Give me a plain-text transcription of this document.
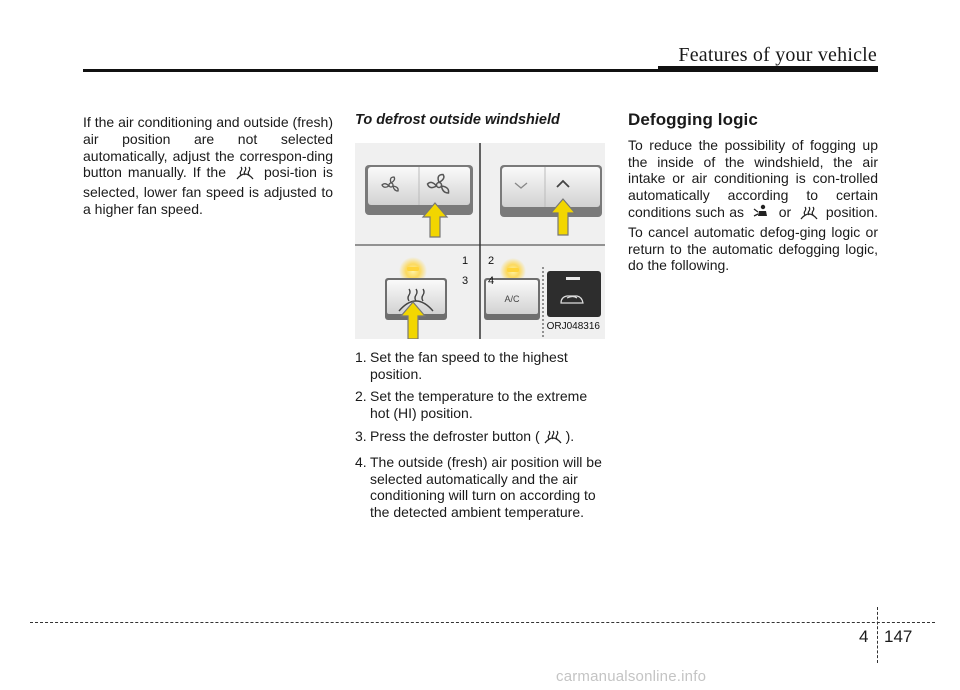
Features of your vehicle

If the air conditioning and outside (fresh) air position are not selected automatically, adjust the correspon-ding button manually. If the	posi-tion is selected, lower fan speed is adjusted to a higher fan speed.

To defrost outside windshield

A/C
1 2
3 4
ORJ048316
1. Set the fan speed to the highest position.
2. Set the temperature to the extreme hot (HI) position.
3. Press the defroster button ( ).
4. The outside (fresh) air position will be selected automatically and the air conditioning will turn on according to the detected ambient temperature.

Defogging logic

To reduce the possibility of fogging up the inside of the windshield, the air intake or air conditioning is con-trolled automatically according to certain conditions such as or position. To cancel automatic defog-ging logic or return to the automatic defogging logic, do the following.

4 147
carmanualsonline.info
